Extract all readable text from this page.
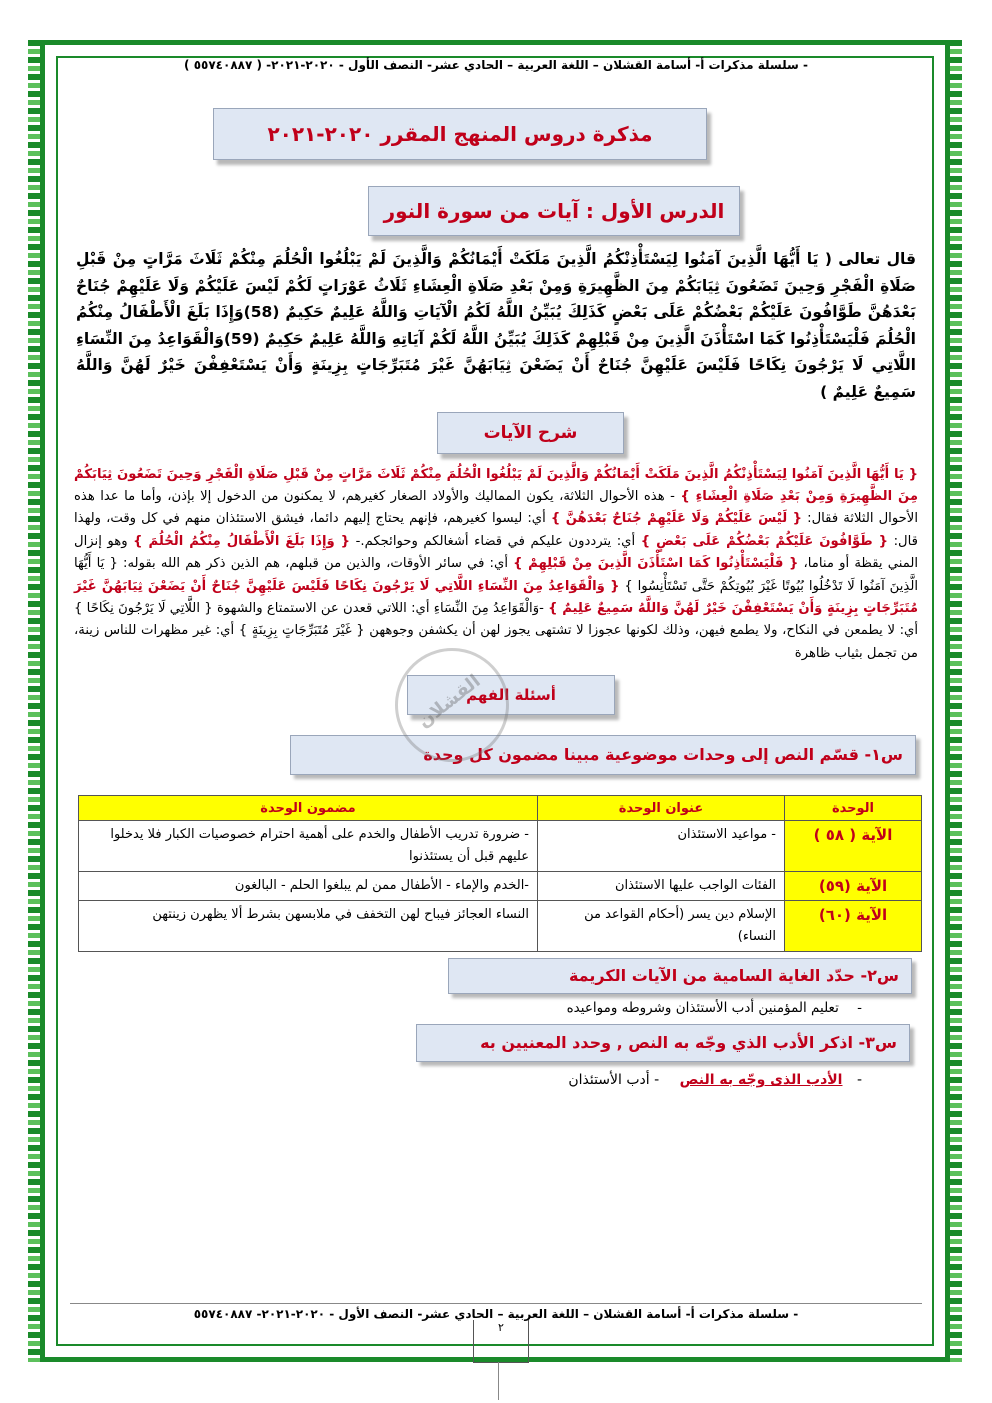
- سلسلة مذكرات أ- أسامة القشلان – اللغة العربية – الحادي عشر- النصف الأول - ٢٠٢٠-٢٠٢١- ( ٥٥٧٤٠٨٨٧ )
مذكرة دروس المنهج المقرر ٢٠٢٠-٢٠٢١
الدرس الأول : آيات من سورة النور
قال تعالى ( يَا أَيُّهَا الَّذِينَ آمَنُوا لِيَسْتَأْذِنْكُمُ الَّذِينَ مَلَكَتْ أَيْمَانُكُمْ وَالَّذِينَ لَمْ يَبْلُغُوا الْحُلُمَ مِنْكُمْ ثَلَاثَ مَرَّاتٍ مِنْ قَبْلِ صَلَاةِ الْفَجْرِ وَحِينَ تَضَعُونَ ثِيَابَكُمْ مِنَ الظَّهِيرَةِ وَمِنْ بَعْدِ صَلَاةِ الْعِشَاءِ ثَلَاثُ عَوْرَاتٍ لَكُمْ لَيْسَ عَلَيْكُمْ وَلَا عَلَيْهِمْ جُنَاحٌ بَعْدَهُنَّ طَوَّافُونَ عَلَيْكُمْ بَعْضُكُمْ عَلَى بَعْضٍ كَذَلِكَ يُبَيِّنُ اللَّهُ لَكُمُ الْآيَاتِ وَاللَّهُ عَلِيمٌ حَكِيمٌ (58)وَإِذَا بَلَغَ الْأَطْفَالُ مِنْكُمُ الْحُلُمَ فَلْيَسْتَأْذِنُوا كَمَا اسْتَأْذَنَ الَّذِينَ مِنْ قَبْلِهِمْ كَذَلِكَ يُبَيِّنُ اللَّهُ لَكُمْ آيَاتِهِ وَاللَّهُ عَلِيمٌ حَكِيمٌ (59)وَالْقَوَاعِدُ مِنَ النِّسَاءِ اللَّاتِي لَا يَرْجُونَ نِكَاحًا فَلَيْسَ عَلَيْهِنَّ جُنَاحٌ أَنْ يَضَعْنَ ثِيَابَهُنَّ غَيْرَ مُتَبَرِّجَاتٍ بِزِينَةٍ وَأَنْ يَسْتَعْفِفْنَ خَيْرٌ لَهُنَّ وَاللَّهُ سَمِيعٌ عَلِيمٌ )
شرح الآيات
{ يَا أَيُّهَا الَّذِينَ آمَنُوا لِيَسْتَأْذِنْكُمُ الَّذِينَ مَلَكَتْ أَيْمَانُكُمْ وَالَّذِينَ لَمْ يَبْلُغُوا الْحُلُمَ مِنْكُمْ ثَلَاثَ مَرَّاتٍ مِنْ قَبْلِ صَلَاةِ الْفَجْرِ وَحِينَ تَضَعُونَ ثِيَابَكُمْ مِنَ الظَّهِيرَةِ وَمِنْ بَعْدِ صَلَاةِ الْعِشَاءِ } - هذه الأحوال الثلاثة، يكون المماليك والأولاد الصغار كغيرهم، لا يمكنون من الدخول إلا بإذن، وأما ما عدا هذه الأحوال الثلاثة فقال: { لَيْسَ عَلَيْكُمْ وَلَا عَلَيْهِمْ جُنَاحٌ بَعْدَهُنَّ } أي: ليسوا كغيرهم، فإنهم يحتاج إليهم دائما، فيشق الاستئذان منهم في كل وقت، ولهذا قال: { طَوَّافُونَ عَلَيْكُمْ بَعْضُكُمْ عَلَى بَعْضٍ } أي: يترددون عليكم في قضاء أشغالكم وحوائجكم.- { وَإِذَا بَلَغَ الْأَطْفَالُ مِنْكُمُ الْحُلُمَ } وهو إنزال المني يقظة أو مناما، { فَلْيَسْتَأْذِنُوا كَمَا اسْتَأْذَنَ الَّذِينَ مِنْ قَبْلِهِمْ } أي: في سائر الأوقات، والذين من قبلهم، هم الذين ذكر هم الله بقوله: { يَا أَيُّهَا الَّذِينَ آمَنُوا لَا تَدْخُلُوا بُيُوتًا غَيْرَ بُيُوتِكُمْ حَتَّى تَسْتَأْنِسُوا } { وَالْقَوَاعِدُ مِنَ النِّسَاءِ اللَّاتِي لَا يَرْجُونَ نِكَاحًا فَلَيْسَ عَلَيْهِنَّ جُنَاحٌ أَنْ يَضَعْنَ ثِيَابَهُنَّ غَيْرَ مُتَبَرِّجَاتٍ بِزِينَةٍ وَأَنْ يَسْتَعْفِفْنَ خَيْرٌ لَهُنَّ وَاللَّهُ سَمِيعٌ عَلِيمٌ } -وَالْقَوَاعِدُ مِنَ النِّسَاءِ أي: اللاتي قعدن عن الاستمتاع والشهوة { اللَّاتِي لَا يَرْجُونَ نِكَاحًا } أي: لا يطمعن في النكاح، ولا يطمع فيهن، وذلك لكونها عجوزا لا تشتهى يجوز لهن أن يكشفن وجوههن { غَيْرَ مُتَبَرِّجَاتٍ بِزِينَةٍ } أي: غير مظهرات للناس زينة، من تجمل بثياب ظاهرة
أسئلة الفهم
س١- قسّم النص إلى وحدات موضوعية مبينا مضمون كل وحدة
الوحدة	عنوان الوحدة	مضمون الوحدة
الآية ( ٥٨ )	- مواعيد الاستئذان	- ضرورة تدريب الأطفال والخدم على أهمية احترام خصوصيات الكبار فلا يدخلوا عليهم قبل أن يستئذنوا
الآية (٥٩)	الفئات الواجب عليها الاستئذان	-الخدم والإماء - الأطفال ممن لم يبلغوا الحلم - البالغون
الآية (٦٠)	الإسلام دين يسر (أحكام القواعد من النساء)	النساء العجائز فيباح لهن التخفف في ملابسهن بشرط ألا يظهرن زينتهن
س٢- حدّد الغاية السامية من الآيات الكريمة
- تعليم المؤمنين أدب الأستئذان وشروطه ومواعيده
س٣- اذكر الأدب الذي وجّه به النص , وحدد المعنيين به
- الأدب الذى وجّه به النص - أدب الأستئذان
القشلان
- سلسلة مذكرات أ- أسامة القشلان – اللغة العربية – الحادي عشر- النصف الأول - ٢٠٢٠-٢٠٢١- ٥٥٧٤٠٨٨٧
٢
